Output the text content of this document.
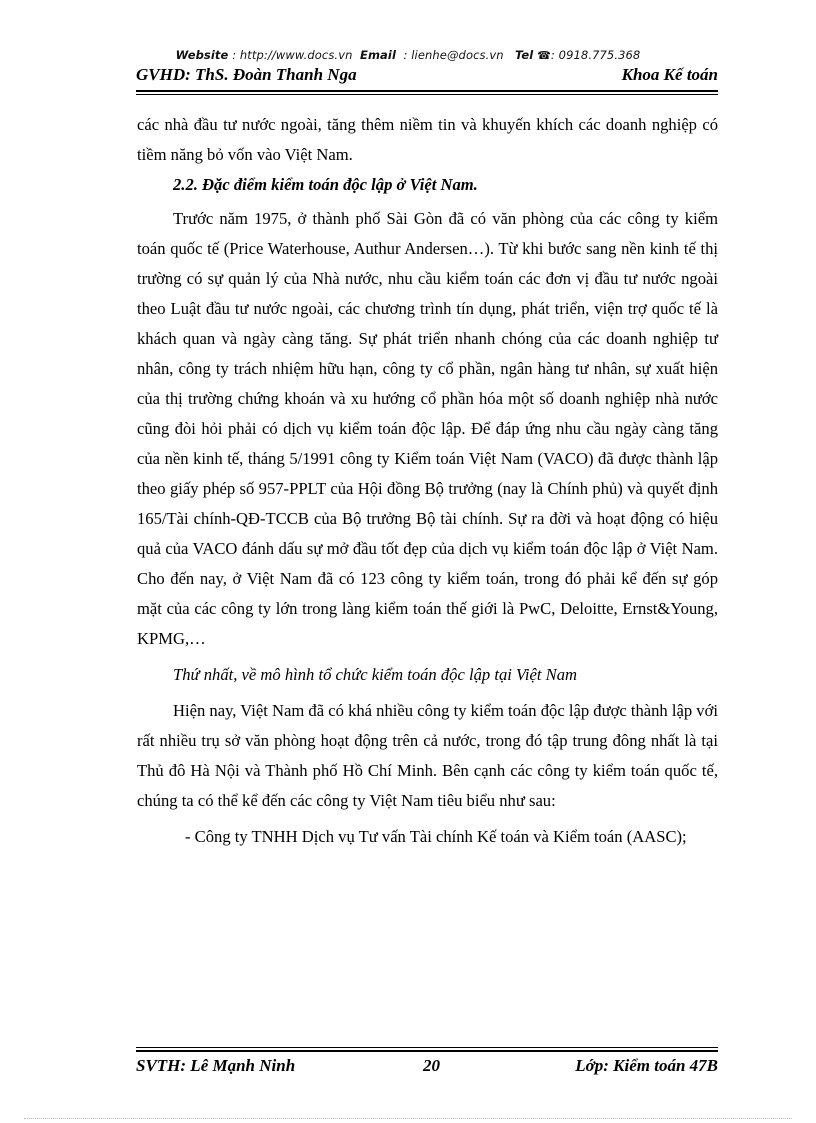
Website : http://www.docs.vn Email : lienhe@docs.vn Tel ☎: 0918.775.368
GVHD: ThS. Đoàn Thanh Nga	Khoa Kế toán

các nhà đầu tư nước ngoài, tăng thêm niềm tin và khuyến khích các doanh nghiệp có tiềm năng bỏ vốn vào Việt Nam.

2.2. Đặc điểm kiểm toán độc lập ở Việt Nam.

Trước năm 1975, ở thành phố Sài Gòn đã có văn phòng của các công ty kiểm toán quốc tế (Price Waterhouse, Authur Andersen…). Từ khi bước sang nền kinh tế thị trường có sự quản lý của Nhà nước, nhu cầu kiểm toán các đơn vị đầu tư nước ngoài theo Luật đầu tư nước ngoài, các chương trình tín dụng, phát triển, viện trợ quốc tế là khách quan và ngày càng tăng. Sự phát triển nhanh chóng của các doanh nghiệp tư nhân, công ty trách nhiệm hữu hạn, công ty cổ phần, ngân hàng tư nhân, sự xuất hiện của thị trường chứng khoán và xu hướng cổ phần hóa một số doanh nghiệp nhà nước cũng đòi hỏi phải có dịch vụ kiểm toán độc lập. Để đáp ứng nhu cầu ngày càng tăng của nền kinh tế, tháng 5/1991 công ty Kiểm toán Việt Nam (VACO) đã được thành lập theo giấy phép số 957-PPLT của Hội đồng Bộ trưởng (nay là Chính phủ) và quyết định 165/Tài chính-QĐ-TCCB của Bộ trưởng Bộ tài chính. Sự ra đời và hoạt động có hiệu quả của VACO đánh dấu sự mở đầu tốt đẹp của dịch vụ kiểm toán độc lập ở Việt Nam. Cho đến nay, ở Việt Nam đã có 123 công ty kiểm toán, trong đó phải kể đến sự góp mặt của các công ty lớn trong làng kiểm toán thế giới là PwC, Deloitte, Ernst&Young, KPMG,…

Thứ nhất, về mô hình tổ chức kiểm toán độc lập tại Việt Nam

Hiện nay, Việt Nam đã có khá nhiều công ty kiểm toán độc lập được thành lập với rất nhiều trụ sở văn phòng hoạt động trên cả nước, trong đó tập trung đông nhất là tại Thủ đô Hà Nội và Thành phố Hồ Chí Minh. Bên cạnh các công ty kiểm toán quốc tế, chúng ta có thể kể đến các công ty Việt Nam tiêu biểu như sau:

- Công ty TNHH Dịch vụ Tư vấn Tài chính Kế toán và Kiểm toán (AASC);

SVTH: Lê Mạnh Ninh	20	Lớp: Kiểm toán 47B
